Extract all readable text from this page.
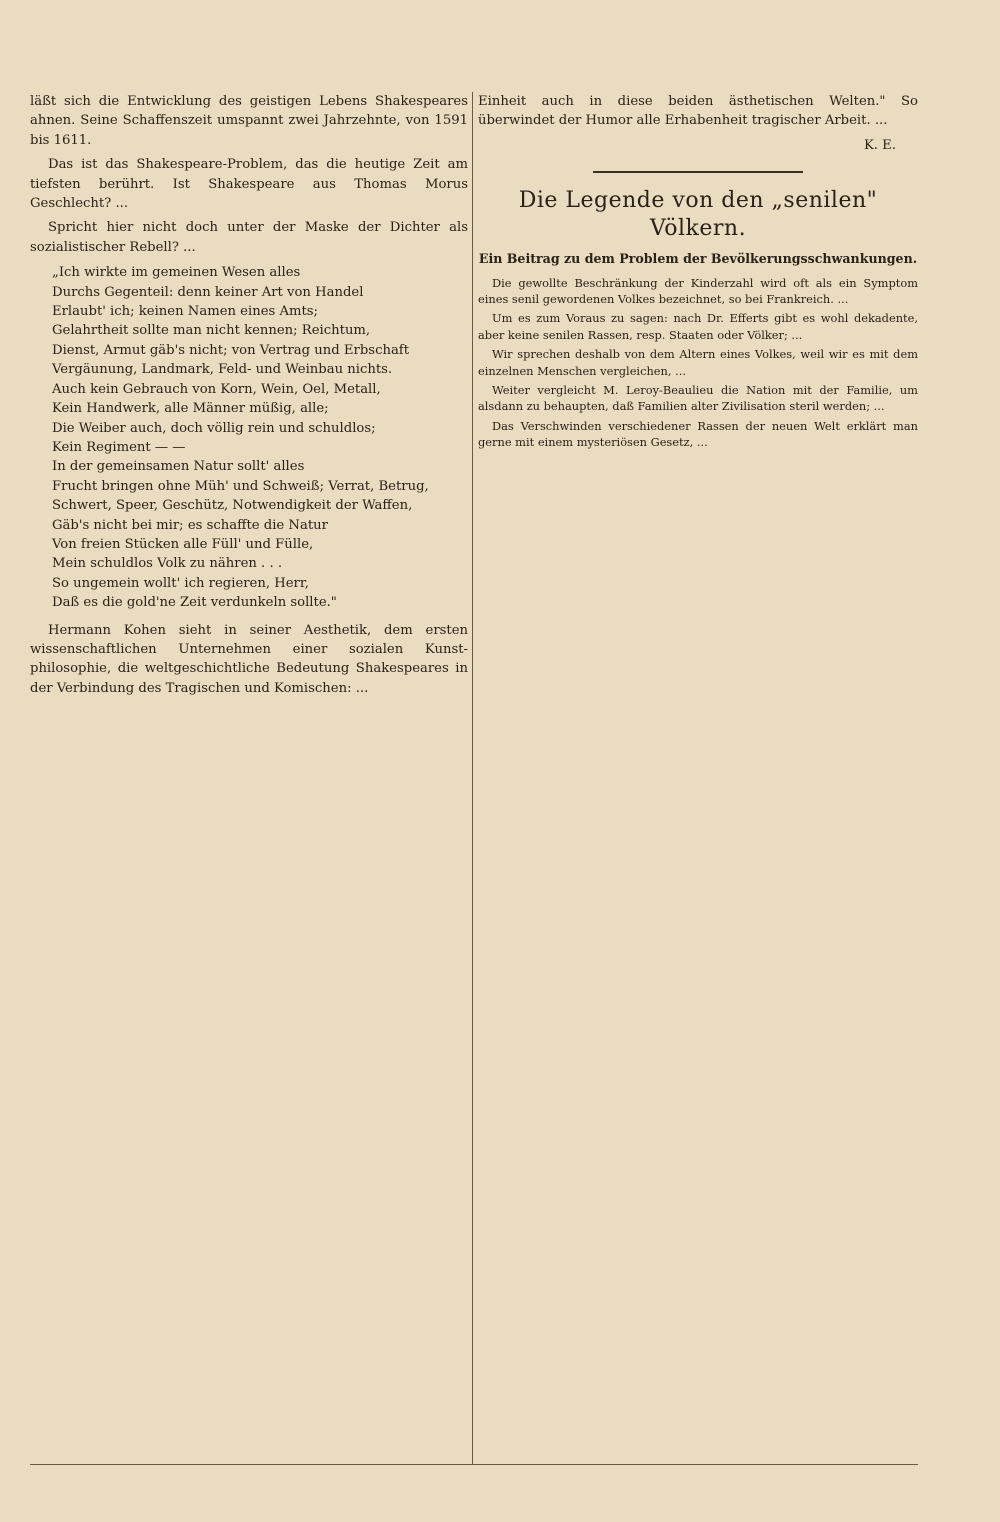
läßt sich die Entwicklung des geistigen Lebens Shakespeares ahnen. Seine Schaffenszeit umspannt zwei Jahrzehnte, von 1591 bis 1611.

Das ist das Shakespeare-Problem, das die heutige Zeit am tiefsten berührt. Ist Shakespeare aus Thomas Morus Geschlecht? ...

Spricht hier nicht doch unter der Maske der Dichter als sozialistischer Rebell? ...

„Ich wirkte im gemeinen Wesen alles
Durchs Gegenteil: denn keiner Art von Handel
Erlaubt' ich; keinen Namen eines Amts;
Gelahrtheit sollte man nicht kennen; Reichtum,
Dienst, Armut gäb's nicht; von Vertrag und Erbschaft
Vergäunung, Landmark, Feld- und Weinbau nichts.
Auch kein Gebrauch von Korn, Wein, Oel, Metall,
Kein Handwerk, alle Männer müßig, alle;
Die Weiber auch, doch völlig rein und schuldlos;
Kein Regiment — —
In der gemeinsamen Natur sollt' alles
Frucht bringen ohne Müh' und Schweiß; Verrat, Betrug,
Schwert, Speer, Geschütz, Notwendigkeit der Waffen,
Gäb's nicht bei mir; es schaffte die Natur
Von freien Stücken alle Füll' und Fülle,
Mein schuldlos Volk zu nähren . . .
So ungemein wollt' ich regieren, Herr,
Daß es die gold'ne Zeit verdunkeln sollte."

Hermann Kohen sieht in seiner Aesthetik, dem ersten wissenschaftlichen Unternehmen einer sozialen Kunst-philosophie, die weltgeschichtliche Bedeutung Shakespeares in der Verbindung des Tragischen und Komischen: ...

Einheit auch in diese beiden ästhetischen Welten." So überwindet der Humor alle Erhabenheit tragischer Arbeit. ...

K. E.
Die Legende von den „senilen" Völkern.
Ein Beitrag zu dem Problem der Bevölkerungsschwankungen.

Die gewollte Beschränkung der Kinderzahl wird oft als ein Symptom eines senil gewordenen Volkes bezeichnet, so bei Frankreich. ...

Um es zum Voraus zu sagen: nach Dr. Efferts gibt es wohl dekadente, aber keine senilen Rassen, resp. Staaten oder Völker; ...

Wir sprechen deshalb von dem Altern eines Volkes, weil wir es mit dem einzelnen Menschen vergleichen, ...

Weiter vergleicht M. Leroy-Beaulieu die Nation mit der Familie, um alsdann zu behaupten, daß Familien alter Zivilisation steril werden; ...

Das Verschwinden verschiedener Rassen der neuen Welt erklärt man gerne mit einem mysteriösen Gesetz, ...
